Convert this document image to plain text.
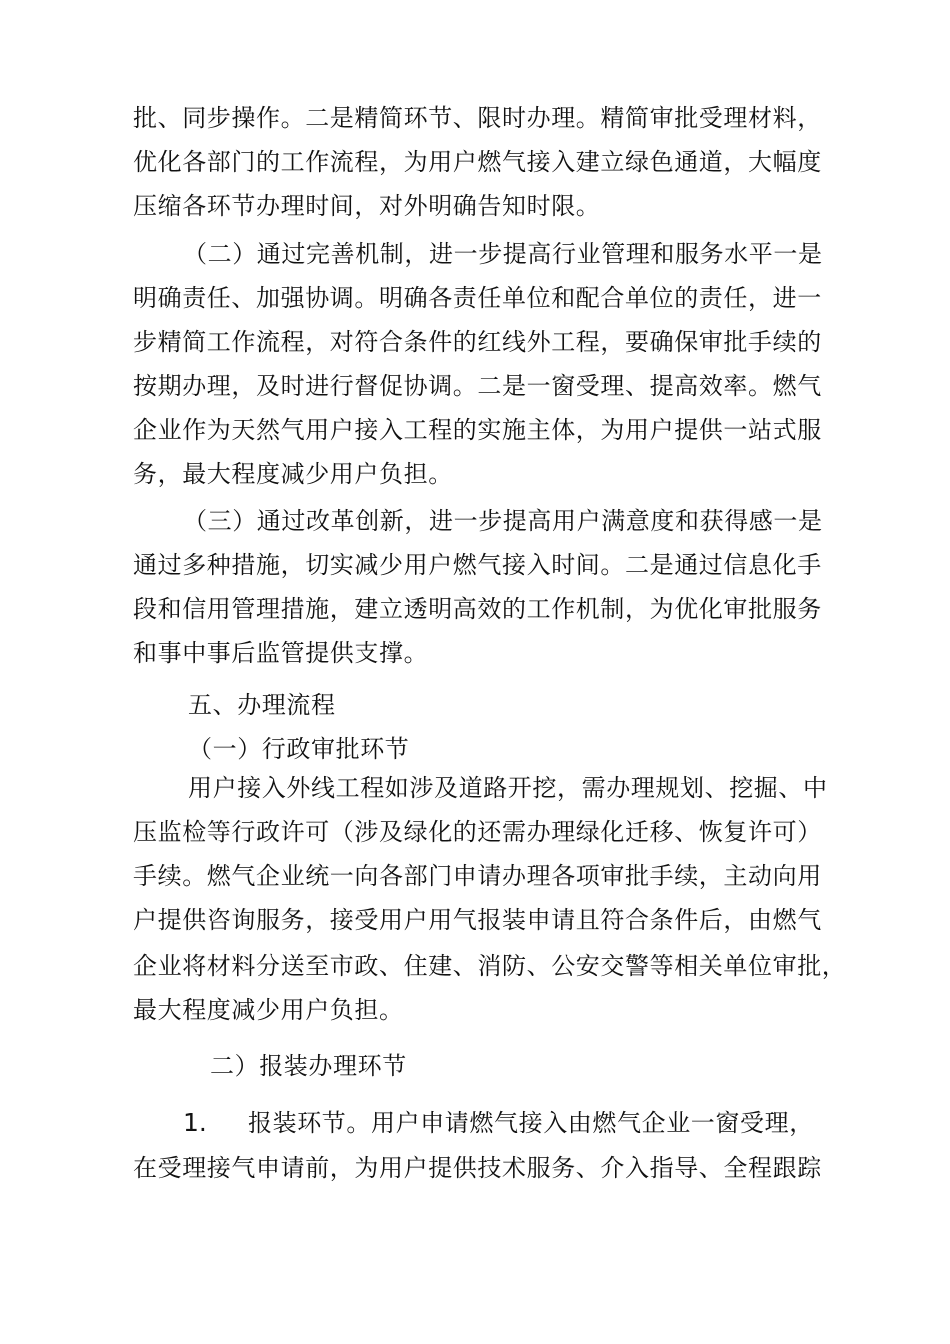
批、同步操作。二是精简环节、限时办理。精简审批受理材料，
优化各部门的工作流程，为用户燃气接入建立绿色通道，大幅度
压缩各环节办理时间，对外明确告知时限。
（二）通过完善机制，进一步提高行业管理和服务水平一是
明确责任、加强协调。明确各责任单位和配合单位的责任，进一
步精简工作流程，对符合条件的红线外工程，要确保审批手续的
按期办理，及时进行督促协调。二是一窗受理、提高效率。燃气
企业作为天然气用户接入工程的实施主体，为用户提供一站式服
务，最大程度减少用户负担。
（三）通过改革创新，进一步提高用户满意度和获得感一是
通过多种措施，切实减少用户燃气接入时间。二是通过信息化手
段和信用管理措施，建立透明高效的工作机制，为优化审批服务
和事中事后监管提供支撑。
五、办理流程
（一）行政审批环节
用户接入外线工程如涉及道路开挖，需办理规划、挖掘、中
压监检等行政许可（涉及绿化的还需办理绿化迁移、恢复许可）
手续。燃气企业统一向各部门申请办理各项审批手续，主动向用
户提供咨询服务，接受用户用气报装申请且符合条件后，由燃气
企业将材料分送至市政、住建、消防、公安交警等相关单位审批，
最大程度减少用户负担。
二）报装办理环节
1. 报装环节。用户申请燃气接入由燃气企业一窗受理，
在受理接气申请前，为用户提供技术服务、介入指导、全程跟踪
